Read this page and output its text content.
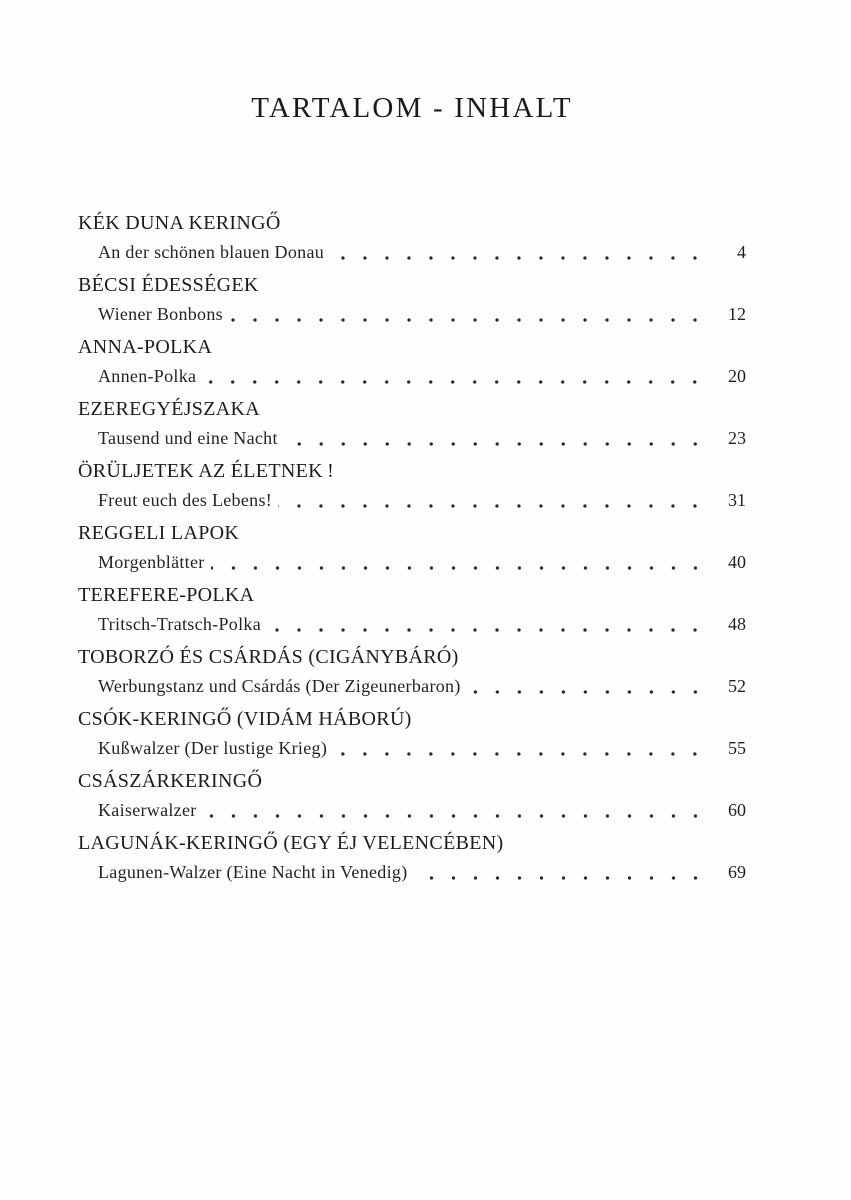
TARTALOM - INHALT
KÉK DUNA KERINGŐ
An der schönen blauen Donau	4
BÉCSI ÉDESSÉGEK
Wiener Bonbons	12
ANNA-POLKA
Annen-Polka	20
EZEREGYÉJSZAKA
Tausend und eine Nacht	23
ÖRÜLJETEK AZ ÉLETNEK !
Freut euch des Lebens!	31
REGGELI LAPOK
Morgenblätter	40
TEREFERE-POLKA
Tritsch-Tratsch-Polka	48
TOBORZÓ ÉS CSÁRDÁS (CIGÁNYBÁRÓ)
Werbungstanz und Csárdás (Der Zigeunerbaron)	52
CSÓK-KERINGŐ (VIDÁM HÁBORÚ)
Kußwalzer (Der lustige Krieg)	55
CSÁSZÁRKERINGŐ
Kaiserwalzer	60
LAGUNÁK-KERINGŐ (EGY ÉJ VELENCÉBEN)
Lagunen-Walzer (Eine Nacht in Venedig)	69
